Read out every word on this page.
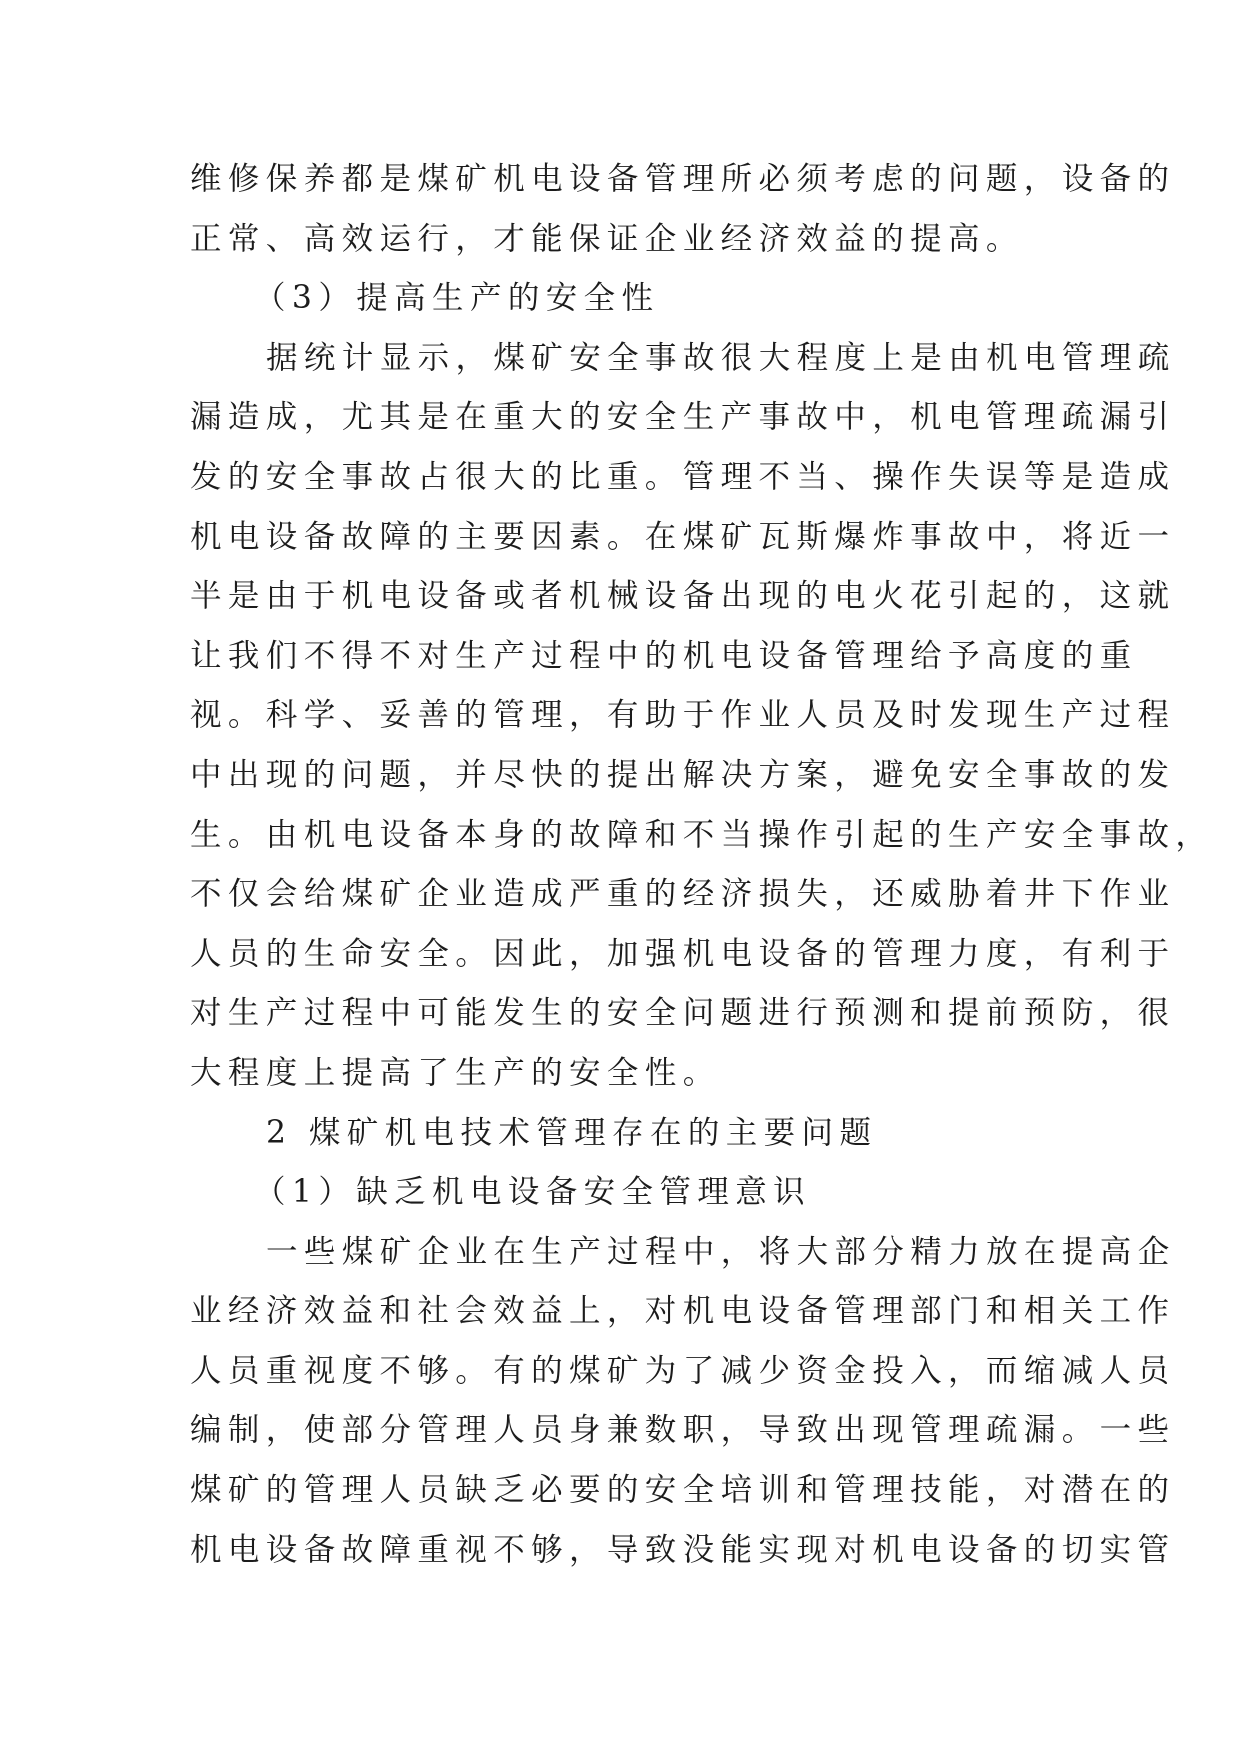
维修保养都是煤矿机电设备管理所必须考虑的问题，设备的
正常、高效运行，才能保证企业经济效益的提高。
（3）提高生产的安全性
据统计显示，煤矿安全事故很大程度上是由机电管理疏
漏造成，尤其是在重大的安全生产事故中，机电管理疏漏引
发的安全事故占很大的比重。管理不当、操作失误等是造成
机电设备故障的主要因素。在煤矿瓦斯爆炸事故中，将近一
半是由于机电设备或者机械设备出现的电火花引起的，这就
让我们不得不对生产过程中的机电设备管理给予高度的重
视。科学、妥善的管理，有助于作业人员及时发现生产过程
中出现的问题，并尽快的提出解决方案，避免安全事故的发
生。由机电设备本身的故障和不当操作引起的生产安全事故，
不仅会给煤矿企业造成严重的经济损失，还威胁着井下作业
人员的生命安全。因此，加强机电设备的管理力度，有利于
对生产过程中可能发生的安全问题进行预测和提前预防，很
大程度上提高了生产的安全性。
2 煤矿机电技术管理存在的主要问题
（1）缺乏机电设备安全管理意识
一些煤矿企业在生产过程中，将大部分精力放在提高企
业经济效益和社会效益上，对机电设备管理部门和相关工作
人员重视度不够。有的煤矿为了减少资金投入，而缩减人员
编制，使部分管理人员身兼数职，导致出现管理疏漏。一些
煤矿的管理人员缺乏必要的安全培训和管理技能，对潜在的
机电设备故障重视不够，导致没能实现对机电设备的切实管
